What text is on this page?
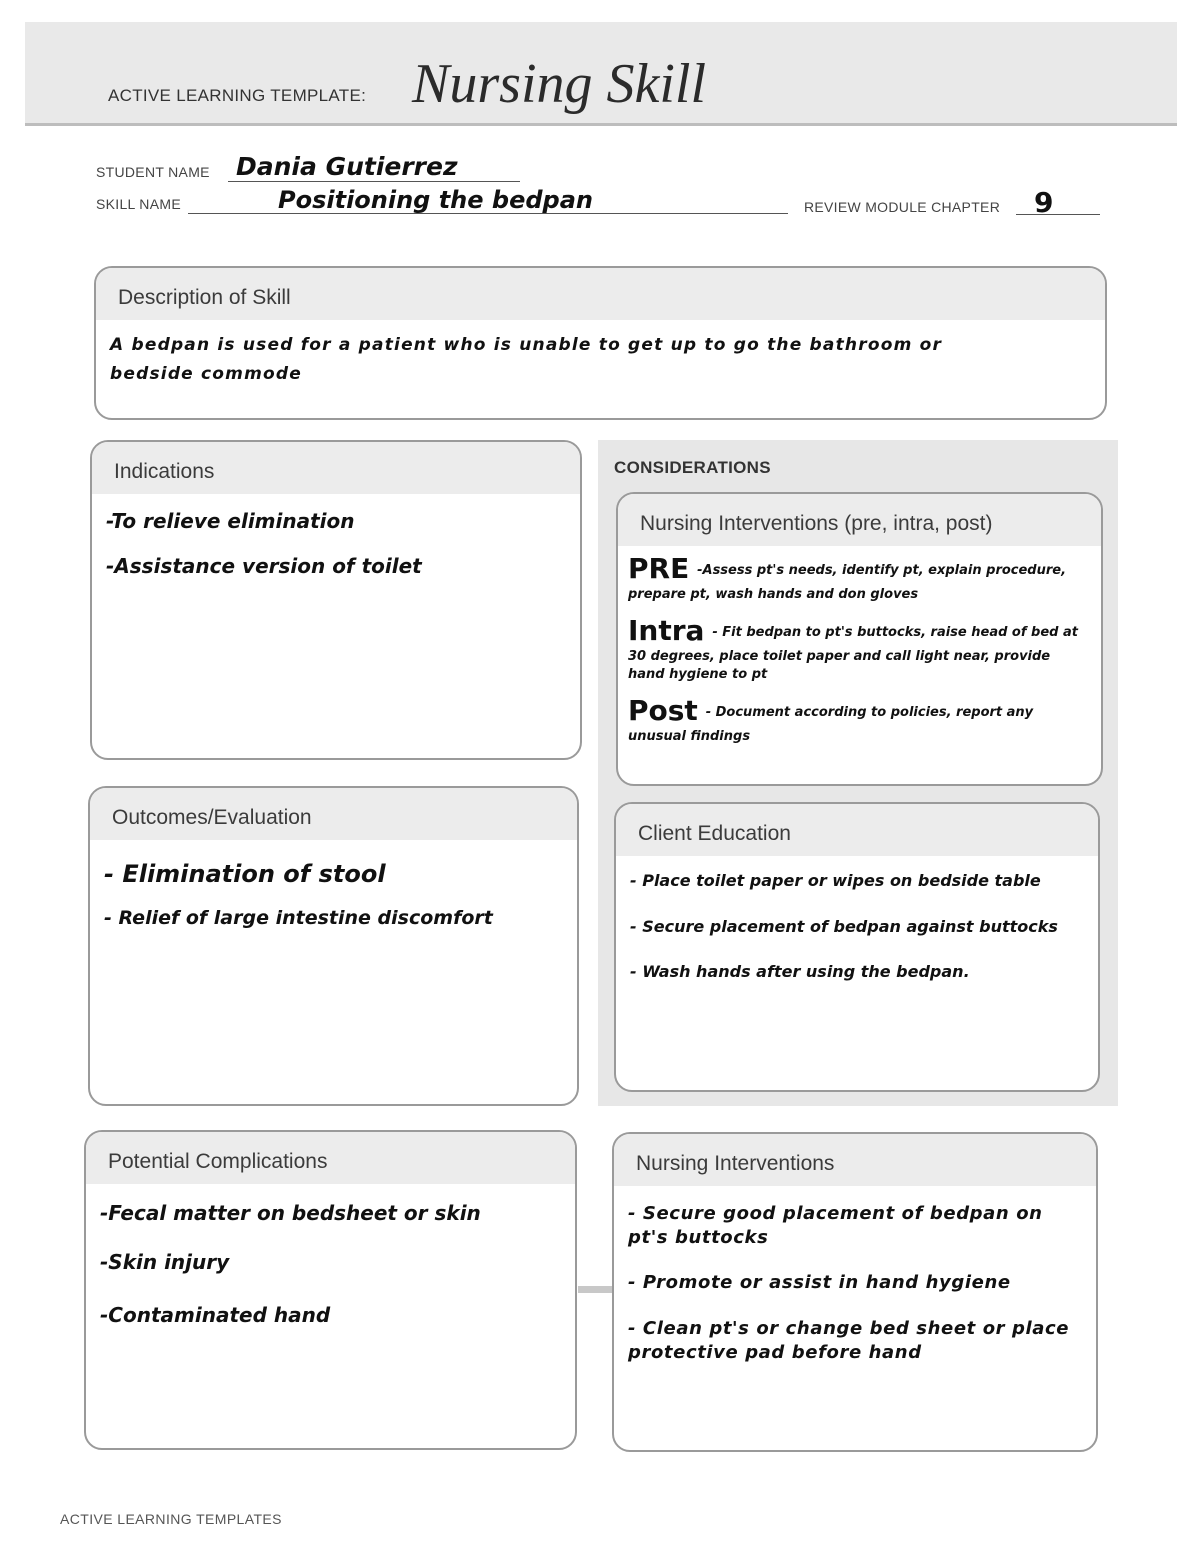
ACTIVE LEARNING TEMPLATE: Nursing Skill
STUDENT NAME Dania Gutierrez
SKILL NAME	Positioning the bedpan	REVIEW MODULE CHAPTER 9
Description of Skill
A bedpan is used for a patient who is unable to get up to go the bathroom or
bedside commode
Indications
-To relieve elimination
-Assistance version of toilet
Outcomes/Evaluation
- Elimination of stool
- Relief of large intestine discomfort
Potential Complications
-Fecal matter on bedsheet or skin
-Skin injury
-Contaminated hand
CONSIDERATIONS
Nursing Interventions (pre, intra, post)
PRE -Assess pt's needs, identify pt, explain procedure, prepare pt, wash hands and don gloves
Intra - Fit bedpan to pt's buttocks, raise head of bed at 30 degrees, place toilet paper and call light near, provide hand hygiene to pt
Post - Document according to policies, report any unusual findings
Client Education
- Place toilet paper or wipes on bedside table
- Secure placement of bedpan against buttocks
- Wash hands after using the bedpan.
Nursing Interventions
- Secure good placement of bedpan on pt's buttocks
- Promote or assist in hand hygiene
- Clean pt's or change bed sheet or place protective pad before hand
ACTIVE LEARNING TEMPLATES
